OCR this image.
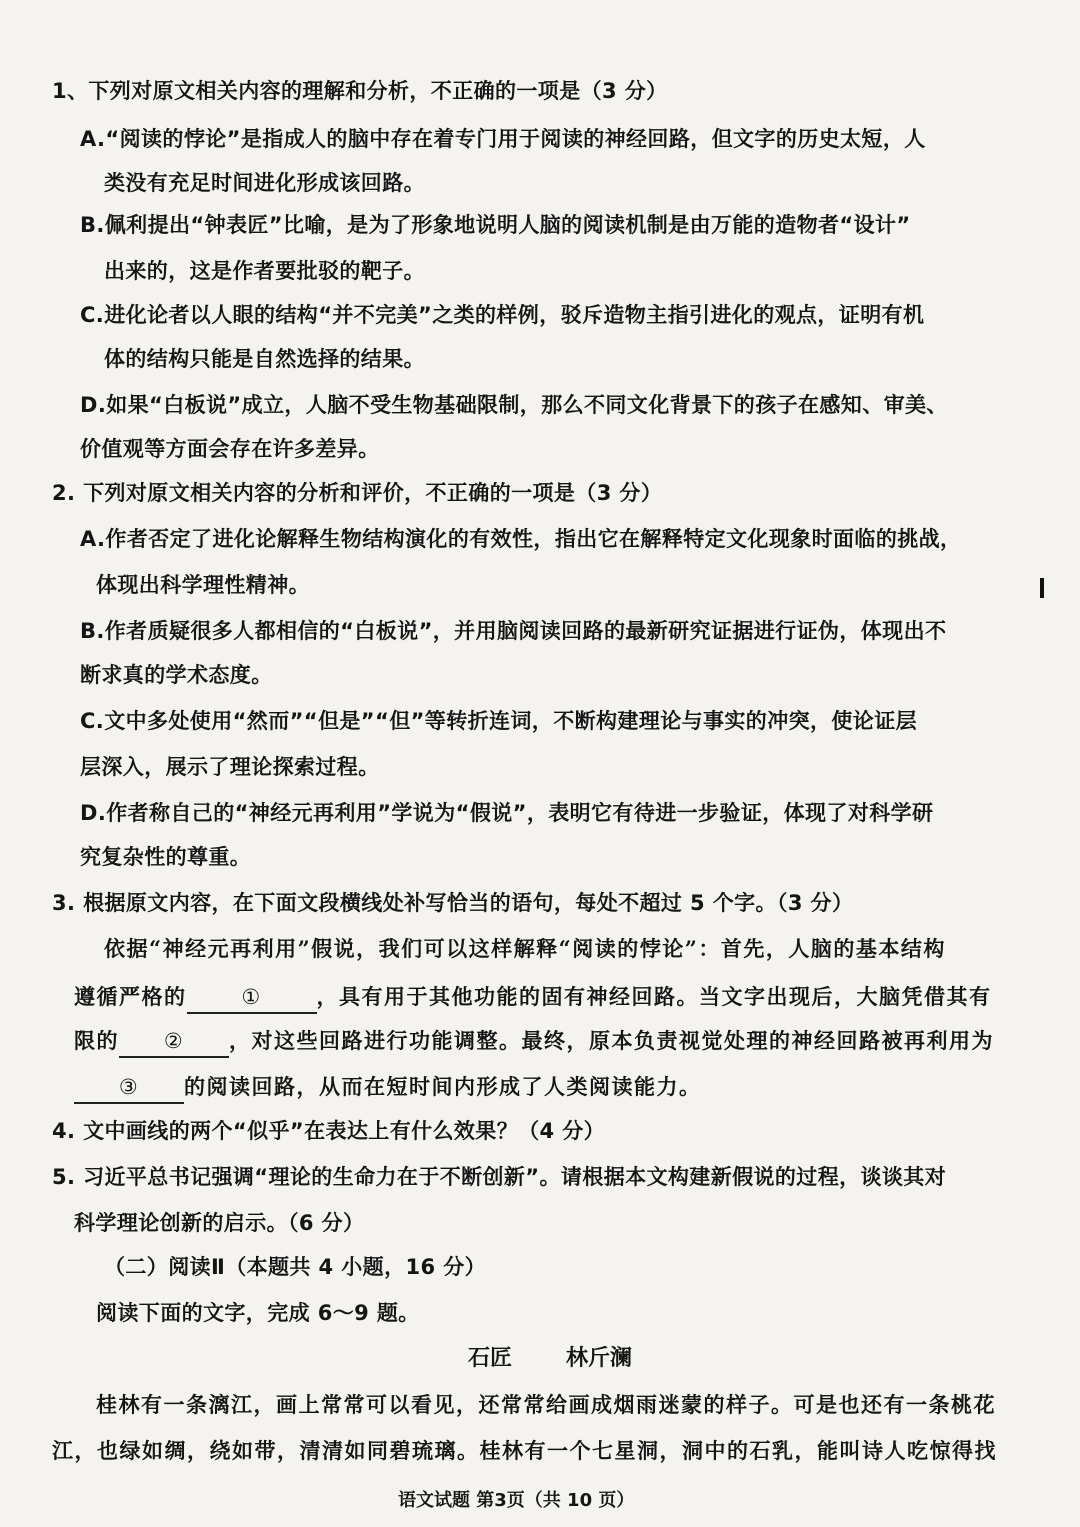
1、下列对原文相关内容的理解和分析，不正确的一项是（3 分）
A.“阅读的悖论”是指成人的脑中存在着专门用于阅读的神经回路，但文字的历史太短，人
类没有充足时间进化形成该回路。
B.佩利提出“钟表匠”比喻，是为了形象地说明人脑的阅读机制是由万能的造物者“设计”
出来的，这是作者要批驳的靶子。
C.进化论者以人眼的结构“并不完美”之类的样例，驳斥造物主指引进化的观点，证明有机
体的结构只能是自然选择的结果。
D.如果“白板说”成立，人脑不受生物基础限制，那么不同文化背景下的孩子在感知、审美、
价值观等方面会存在许多差异。
2. 下列对原文相关内容的分析和评价，不正确的一项是（3 分）
A.作者否定了进化论解释生物结构演化的有效性，指出它在解释特定文化现象时面临的挑战，
体现出科学理性精神。
B.作者质疑很多人都相信的“白板说”，并用脑阅读回路的最新研究证据进行证伪，体现出不
断求真的学术态度。
C.文中多处使用“然而”“但是”“但”等转折连词，不断构建理论与事实的冲突，使论证层
层深入，展示了理论探索过程。
D.作者称自己的“神经元再利用”学说为“假说”，表明它有待进一步验证，体现了对科学研
究复杂性的尊重。
3. 根据原文内容，在下面文段横线处补写恰当的语句，每处不超过 5 个字。（3 分）
依据“神经元再利用”假说，我们可以这样解释“阅读的悖论”：首先，人脑的基本结构
遵循严格的	①	，具有用于其他功能的固有神经回路。当文字出现后，大脑凭借其有
限的 ② ，对这些回路进行功能调整。最终，原本负责视觉处理的神经回路被再利用为
③ 的阅读回路，从而在短时间内形成了人类阅读能力。
4. 文中画线的两个“似乎”在表达上有什么效果？（4 分）
5. 习近平总书记强调“理论的生命力在于不断创新”。请根据本文构建新假说的过程，谈谈其对
科学理论创新的启示。（6 分）
（二）阅读Ⅱ（本题共 4 小题，16 分）
阅读下面的文字，完成 6～9 题。
石匠 林斤澜
桂林有一条漓江，画上常常可以看见，还常常给画成烟雨迷蒙的样子。可是也还有一条桃花
江，也绿如绸，绕如带，清清如同碧琉璃。桂林有一个七星洞，洞中的石乳，能叫诗人吃惊得找
语文试题 第3页（共 10 页）
